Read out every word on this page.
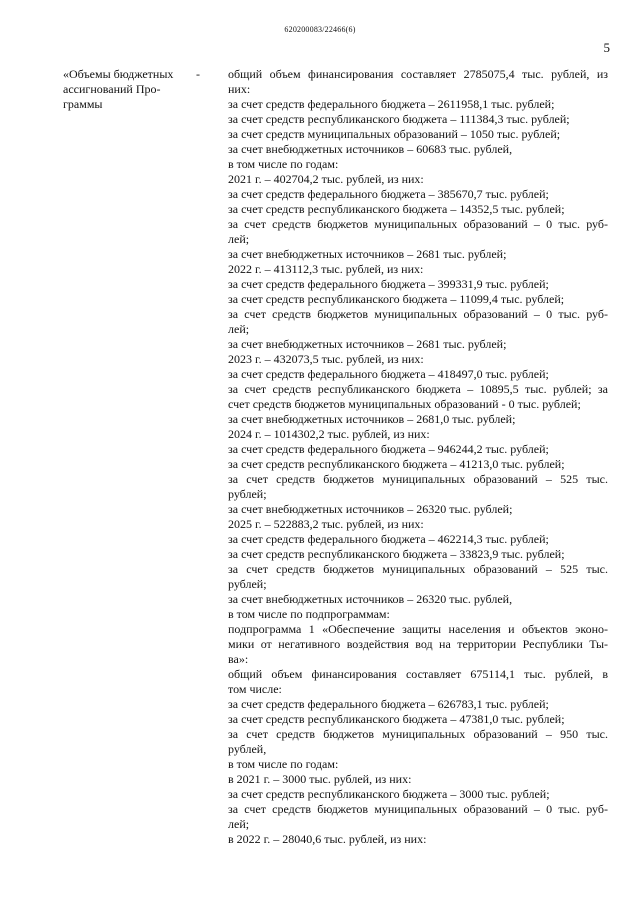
620200083/22466(6)
5
«Объемы бюджетных
ассигнований Про-
граммы
- общий объем финансирования составляет 2785075,4 тыс. рублей, из
них:
за счет средств федерального бюджета – 2611958,1 тыс. рублей;
за счет средств республиканского бюджета – 111384,3 тыс. рублей;
за счет средств муниципальных образований – 1050 тыс. рублей;
за счет внебюджетных источников – 60683 тыс. рублей,
в том числе по годам:
2021 г. – 402704,2 тыс. рублей, из них:
за счет средств федерального бюджета – 385670,7 тыс. рублей;
за счет средств республиканского бюджета – 14352,5 тыс. рублей;
за счет средств бюджетов муниципальных образований – 0 тыс. руб-
лей;
за счет внебюджетных источников – 2681 тыс. рублей;
2022 г. – 413112,3 тыс. рублей, из них:
за счет средств федерального бюджета – 399331,9 тыс. рублей;
за счет средств республиканского бюджета – 11099,4 тыс. рублей;
за счет средств бюджетов муниципальных образований – 0 тыс. руб-
лей;
за счет внебюджетных источников – 2681 тыс. рублей;
2023 г. – 432073,5 тыс. рублей, из них:
за счет средств федерального бюджета – 418497,0 тыс. рублей;
за счет средств республиканского бюджета – 10895,5 тыс. рублей; за
счет средств бюджетов муниципальных образований - 0 тыс. рублей;
за счет внебюджетных источников – 2681,0 тыс. рублей;
2024 г. – 1014302,2 тыс. рублей, из них:
за счет средств федерального бюджета – 946244,2 тыс. рублей;
за счет средств республиканского бюджета – 41213,0 тыс. рублей;
за счет средств бюджетов муниципальных образований – 525 тыс.
рублей;
за счет внебюджетных источников – 26320 тыс. рублей;
2025 г. – 522883,2 тыс. рублей, из них:
за счет средств федерального бюджета – 462214,3 тыс. рублей;
за счет средств республиканского бюджета – 33823,9 тыс. рублей;
за счет средств бюджетов муниципальных образований – 525 тыс.
рублей;
за счет внебюджетных источников – 26320 тыс. рублей,
в том числе по подпрограммам:
подпрограмма 1 «Обеспечение защиты населения и объектов эконо-
мики от негативного воздействия вод на территории Республики Ты-
ва»:
общий объем финансирования составляет 675114,1 тыс. рублей, в
том числе:
за счет средств федерального бюджета – 626783,1 тыс. рублей;
за счет средств республиканского бюджета – 47381,0 тыс. рублей;
за счет средств бюджетов муниципальных образований – 950 тыс.
рублей,
в том числе по годам:
в 2021 г. – 3000 тыс. рублей, из них:
за счет средств республиканского бюджета – 3000 тыс. рублей;
за счет средств бюджетов муниципальных образований – 0 тыс. руб-
лей;
в 2022 г. – 28040,6 тыс. рублей, из них:
